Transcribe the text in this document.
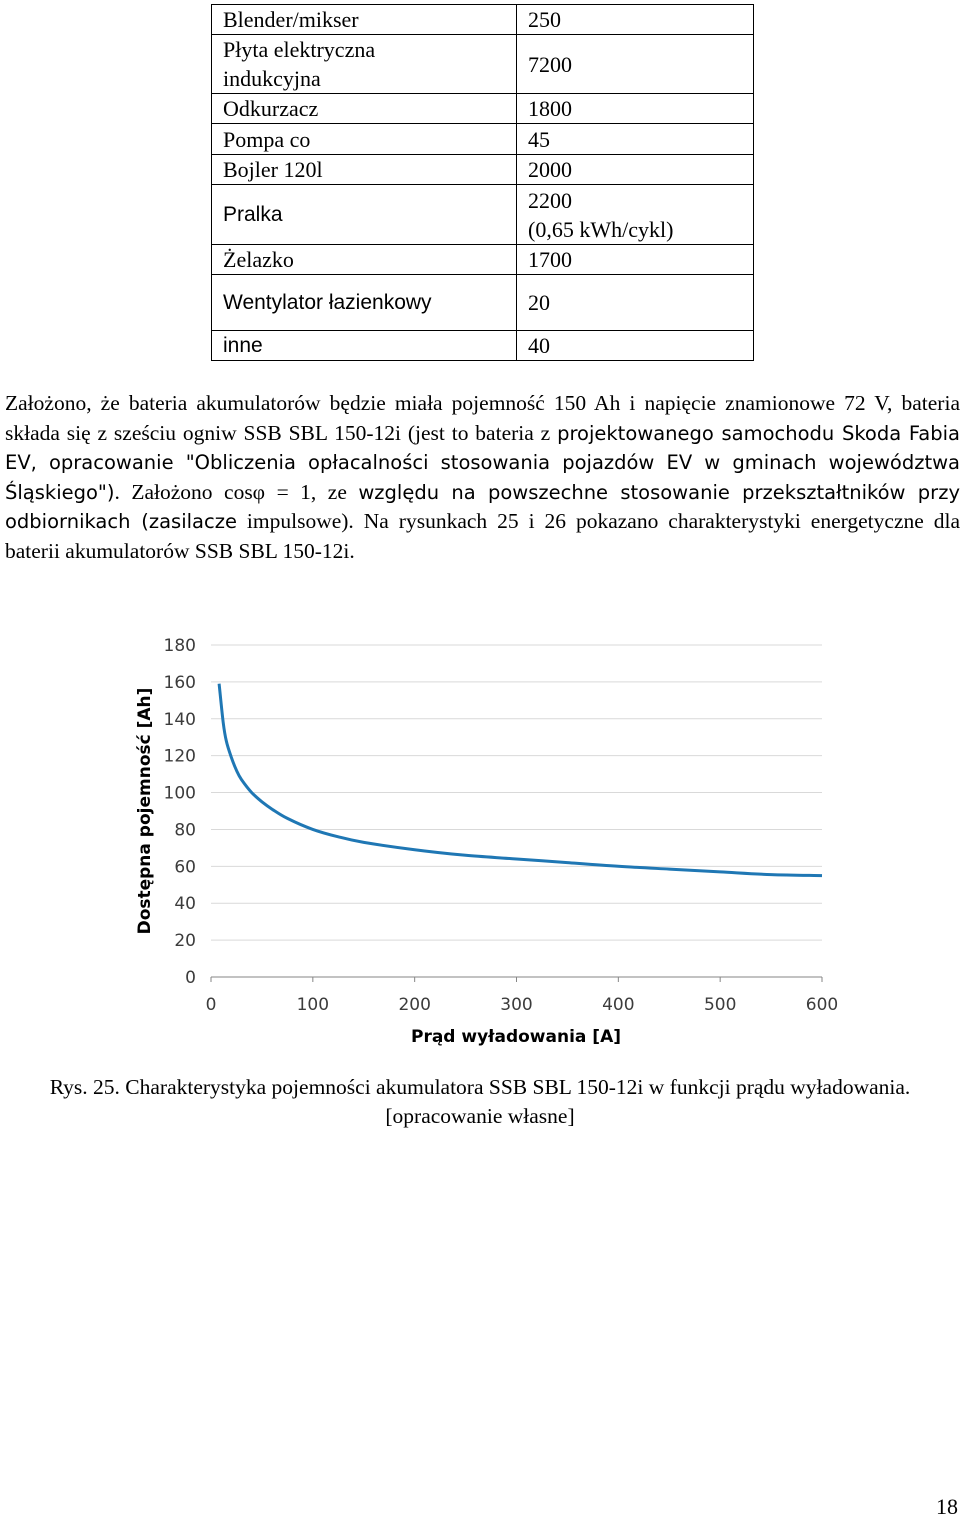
Blender/mikser	250
Płyta elektryczna
indukcyjna	7200
Odkurzacz	1800
Pompa co	45
Bojler 120l	2000
Pralka	2200
(0,65 kWh/cykl)
Żelazko	1700
Wentylator łazienkowy	20
inne	40

Założono, że bateria akumulatorów będzie miała pojemność 150 Ah i napięcie znamionowe 72 V, bateria składa się z sześciu ogniw SSB SBL 150-12i (jest to bateria z projektowanego samochodu Skoda Fabia EV, opracowanie "Obliczenia opłacalności stosowania pojazdów EV w gminach województwa Śląskiego"). Założono cosφ = 1, ze względu na powszechne stosowanie przekształtników przy odbiornikach (zasilacze impulsowe). Na rysunkach 25 i 26 pokazano charakterystyki energetyczne dla baterii akumulatorów SSB SBL 150-12i.

0
20
40
60
80
100
120
140
160
180
0	100	200	300	400	500	600
Dostępna pojemność [Ah]
Prąd wyładowania [A]
Rys. 25. Charakterystyka pojemności akumulatora SSB SBL 150-12i w funkcji prądu wyładowania.
[opracowanie własne]
18
